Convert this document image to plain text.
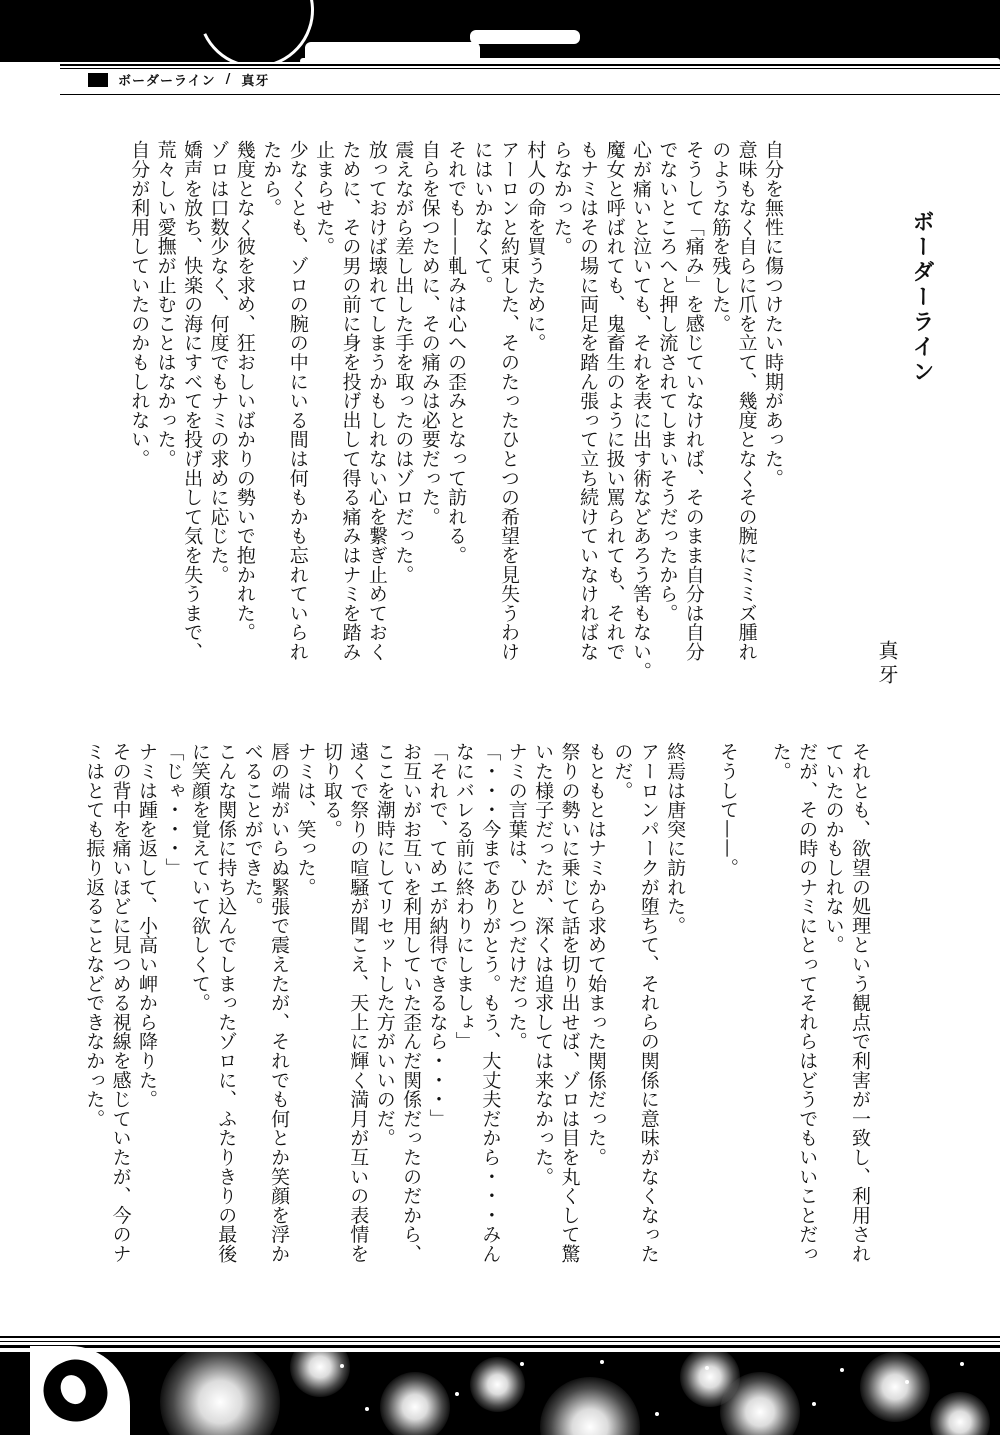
ボーダーライン / 真牙
ボーダーライン
真牙
自分を無性に傷つけたい時期があった。
意味もなく自らに爪を立て、幾度となくその腕にミミズ腫れ
のような筋を残した。
そうして「痛み」を感じていなければ、そのまま自分は自分
でないところへと押し流されてしまいそうだったから。
心が痛いと泣いても、それを表に出す術などあろう筈もない。
魔女と呼ばれても、鬼畜生のように扱い罵られても、それで
もナミはその場に両足を踏ん張って立ち続けていなければな
らなかった。
村人の命を買うために。
アーロンと約束した、そのたったひとつの希望を見失うわけ
にはいかなくて。
それでも——軋みは心への歪みとなって訪れる。
自らを保つために、その痛みは必要だった。
震えながら差し出した手を取ったのはゾロだった。
放っておけば壊れてしまうかもしれない心を繋ぎ止めておく
ために、その男の前に身を投げ出して得る痛みはナミを踏み
止まらせた。
少なくとも、ゾロの腕の中にいる間は何もかも忘れていられ
たから。
幾度となく彼を求め、狂おしいばかりの勢いで抱かれた。
ゾロは口数少なく、何度でもナミの求めに応じた。
嬌声を放ち、快楽の海にすべてを投げ出して気を失うまで、
荒々しい愛撫が止むことはなかった。
自分が利用していたのかもしれない。
それとも、欲望の処理という観点で利害が一致し、利用され
ていたのかもしれない。
だが、その時のナミにとってそれらはどうでもいいことだっ
た。

そうして——。

終焉は唐突に訪れた。
アーロンパークが堕ちて、それらの関係に意味がなくなった
のだ。
もともとはナミから求めて始まった関係だった。
祭りの勢いに乗じて話を切り出せば、ゾロは目を丸くして驚
いた様子だったが、深くは追求しては来なかった。
ナミの言葉は、ひとつだけだった。
「・・・今までありがとう。もう、大丈夫だから・・・みん
なにバレる前に終わりにしましょ」
「それで、てめエが納得できるなら・・・」
お互いがお互いを利用していた歪んだ関係だったのだから、
ここを潮時にしてリセットした方がいいのだ。
遠くで祭りの喧騒が聞こえ、天上に輝く満月が互いの表情を
切り取る。
ナミは、笑った。
唇の端がいらぬ緊張で震えたが、それでも何とか笑顔を浮か
べることができた。
こんな関係に持ち込んでしまったゾロに、ふたりきりの最後
に笑顔を覚えていて欲しくて。
「じゃ・・・」
ナミは踵を返して、小高い岬から降りた。
その背中を痛いほどに見つめる視線を感じていたが、今のナ
ミはとても振り返ることなどできなかった。
